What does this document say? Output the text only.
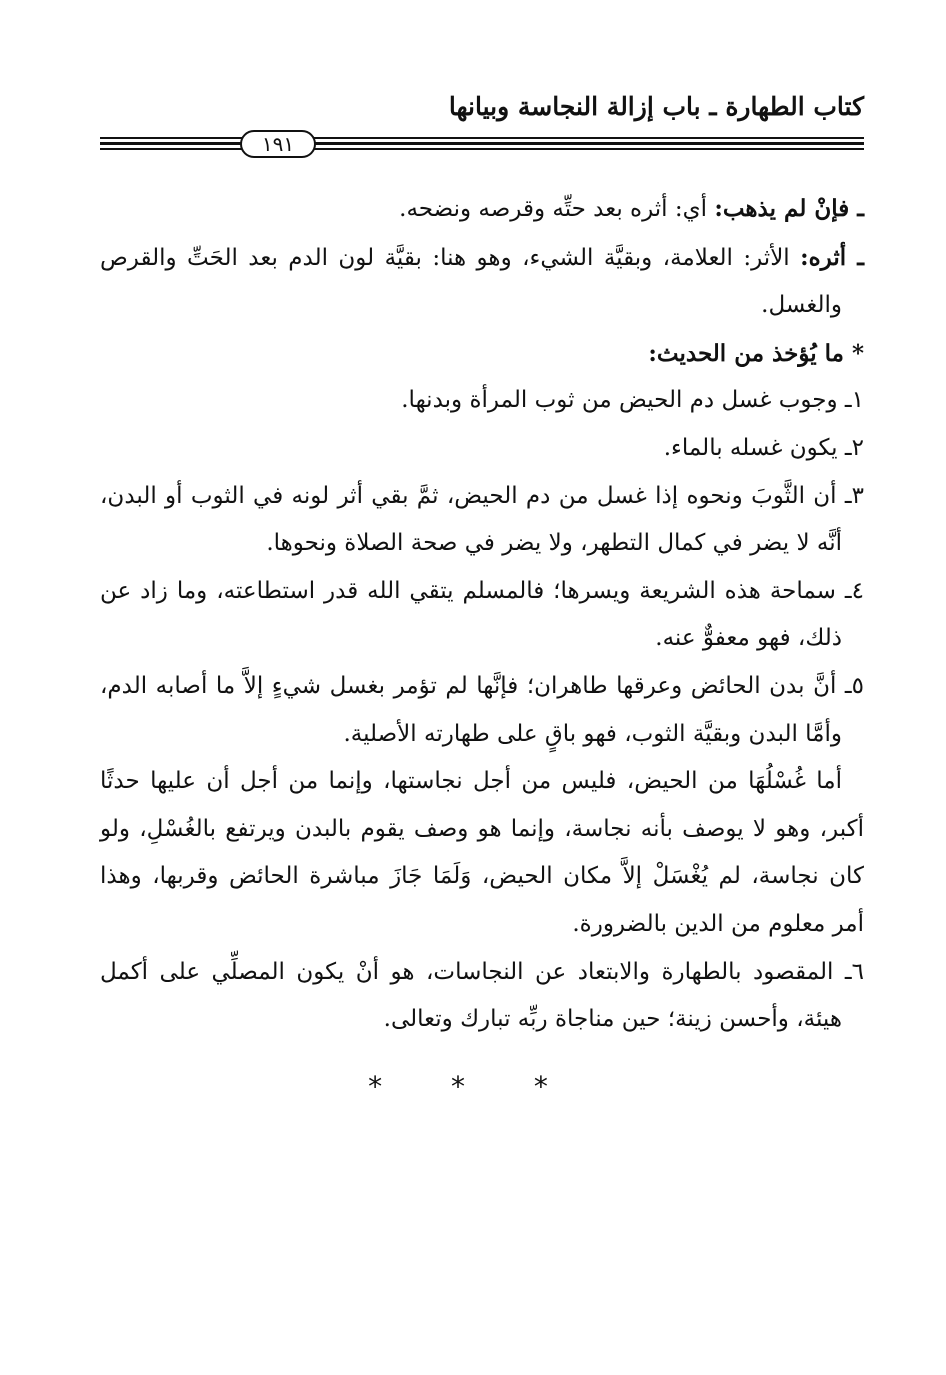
كتاب الطهارة ـ باب إزالة النجاسة وبيانها
١٩١

ـ فإنْ لم يذهب: أي: أثره بعد حتِّه وقرصه ونضحه.

ـ أثره: الأثر: العلامة، وبقيَّة الشيء، وهو هنا: بقيَّة لون الدم بعد الحَتِّ والقرص والغسل.

* ما يُؤخذ من الحديث:

١ـ وجوب غسل دم الحيض من ثوب المرأة وبدنها.

٢ـ يكون غسله بالماء.

٣ـ أن الثَّوبَ ونحوه إذا غسل من دم الحيض، ثمَّ بقي أثر لونه في الثوب أو البدن، أنَّه لا يضر في كمال التطهر، ولا يضر في صحة الصلاة ونحوها.

٤ـ سماحة هذه الشريعة ويسرها؛ فالمسلم يتقي الله قدر استطاعته، وما زاد عن ذلك، فهو معفوٌّ عنه.

٥ـ أنَّ بدن الحائض وعرقها طاهران؛ فإنَّها لم تؤمر بغسل شيءٍ إلاَّ ما أصابه الدم، وأمَّا البدن وبقيَّة الثوب، فهو باقٍ على طهارته الأصلية.

أما غُسْلُهَا من الحيض، فليس من أجل نجاستها، وإنما من أجل أن عليها حدثًا أكبر، وهو لا يوصف بأنه نجاسة، وإنما هو وصف يقوم بالبدن ويرتفع بالغُسْلِ، ولو كان نجاسة، لم يُغْسَلْ إلاَّ مكان الحيض، وَلَمَا جَازَ مباشرة الحائض وقربها، وهذا أمر معلوم من الدين بالضرورة.

٦ـ المقصود بالطهارة والابتعاد عن النجاسات، هو أنْ يكون المصلِّي على أكمل هيئة، وأحسن زينة؛ حين مناجاة ربِّه تبارك وتعالى.

* * *
